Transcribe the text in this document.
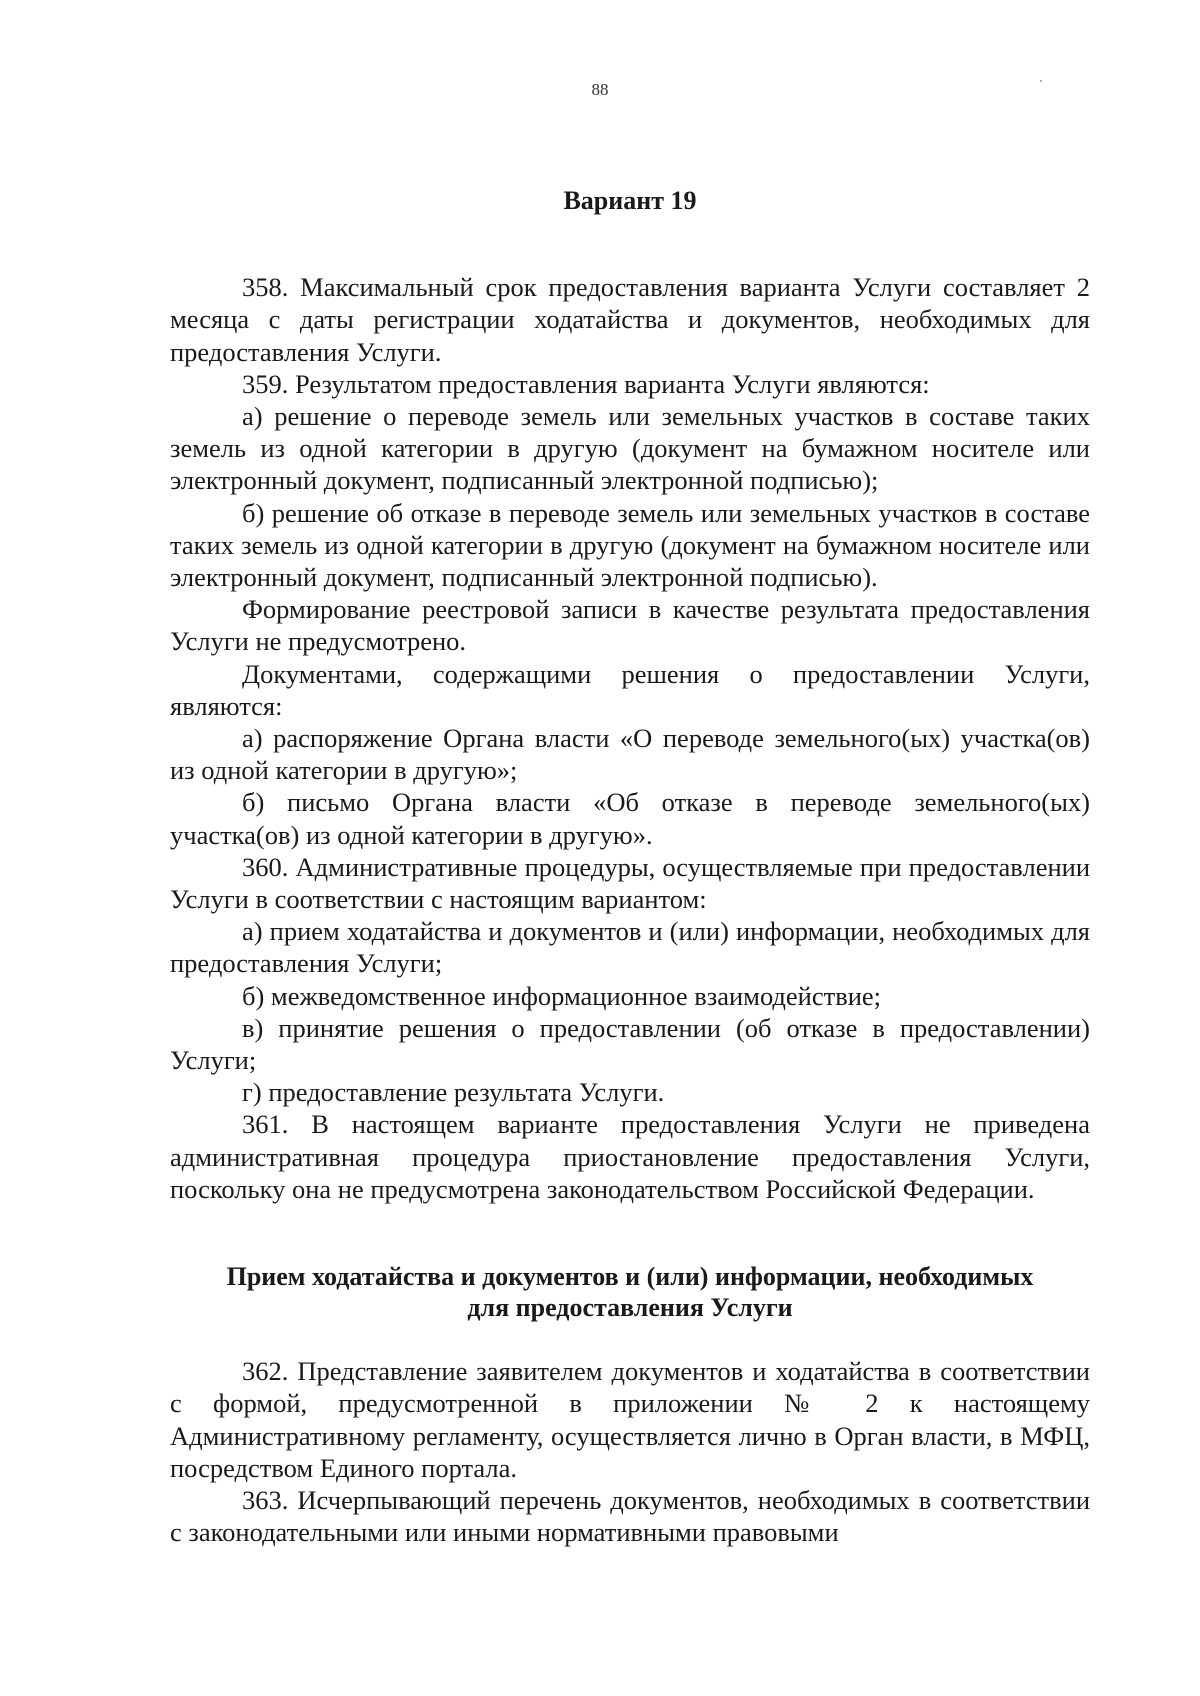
88
Вариант 19

358. Максимальный срок предоставления варианта Услуги составляет 2 месяца с даты регистрации ходатайства и документов, необходимых для предоставления Услуги.

359. Результатом предоставления варианта Услуги являются:

а) решение о переводе земель или земельных участков в составе таких земель из одной категории в другую (документ на бумажном носителе или электронный документ, подписанный электронной подписью);

б) решение об отказе в переводе земель или земельных участков в составе таких земель из одной категории в другую (документ на бумажном носителе или электронный документ, подписанный электронной подписью).

Формирование реестровой записи в качестве результата предоставления Услуги не предусмотрено.

Документами, содержащими решения о предоставлении Услуги, являются:

а) распоряжение Органа власти «О переводе земельного(ых) участка(ов) из одной категории в другую»;

б) письмо Органа власти «Об отказе в переводе земельного(ых) участка(ов) из одной категории в другую».

360. Административные процедуры, осуществляемые при предоставлении Услуги в соответствии с настоящим вариантом:

а) прием ходатайства и документов и (или) информации, необходимых для предоставления Услуги;

б) межведомственное информационное взаимодействие;

в) принятие решения о предоставлении (об отказе в предоставлении) Услуги;

г) предоставление результата Услуги.

361. В настоящем варианте предоставления Услуги не приведена административная процедура приостановление предоставления Услуги, поскольку она не предусмотрена законодательством Российской Федерации.

Прием ходатайства и документов и (или) информации, необходимых
для предоставления Услуги

362. Представление заявителем документов и ходатайства в соответствии с формой, предусмотренной в приложении № 2 к настоящему Административному регламенту, осуществляется лично в Орган власти, в МФЦ, посредством Единого портала.

363. Исчерпывающий перечень документов, необходимых в соответствии с законодательными или иными нормативными правовыми
